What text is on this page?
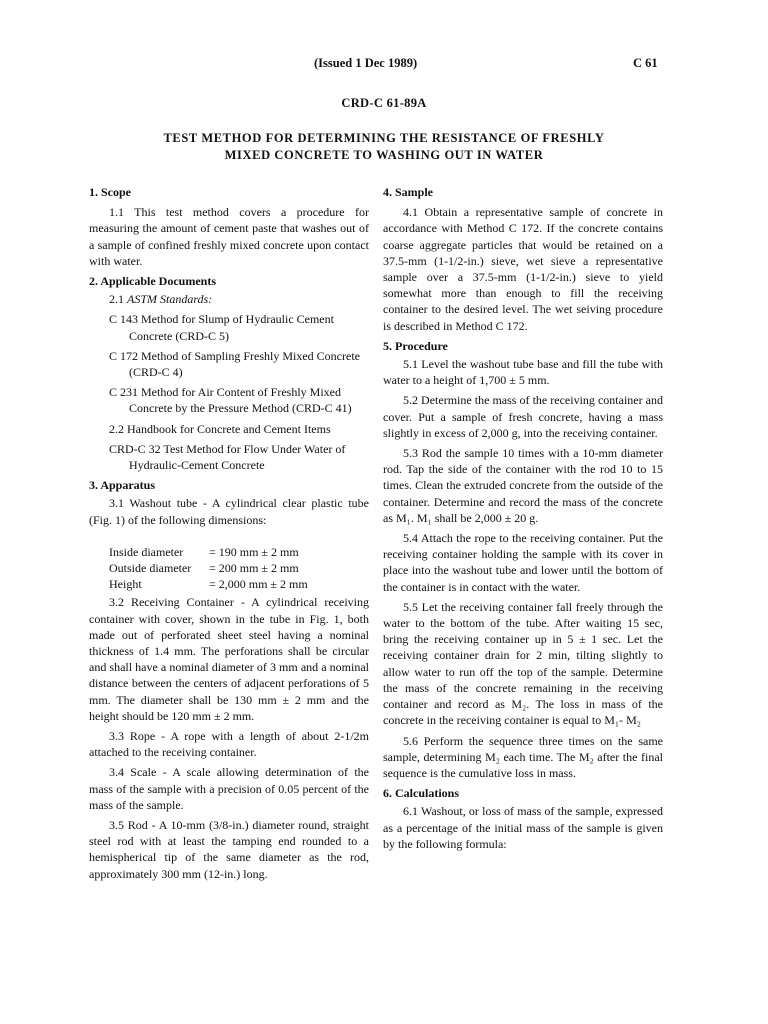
(Issued 1 Dec 1989)	C 61
CRD-C 61-89A
TEST METHOD FOR DETERMINING THE RESISTANCE OF FRESHLY
MIXED CONCRETE TO WASHING OUT IN WATER
1. Scope

1.1 This test method covers a procedure for measuring the amount of cement paste that washes out of a sample of confined freshly mixed concrete upon contact with water.

2. Applicable Documents
2.1 ASTM Standards:
C 143 Method for Slump of Hydraulic Cement Concrete (CRD-C 5)
C 172 Method of Sampling Freshly Mixed Concrete (CRD-C 4)
C 231 Method for Air Content of Freshly Mixed Concrete by the Pressure Method (CRD-C 41)
2.2 Handbook for Concrete and Cement Items
CRD-C 32 Test Method for Flow Under Water of Hydraulic-Cement Concrete
3. Apparatus

3.1 Washout tube - A cylindrical clear plastic tube (Fig. 1) of the following dimensions:

Inside diameter	= 190 mm ± 2 mm
Outside diameter	= 200 mm ± 2 mm
Height	= 2,000 mm ± 2 mm

3.2 Receiving Container - A cylindrical receiving container with cover, shown in the tube in Fig. 1, both made out of perforated sheet steel having a nominal thickness of 1.4 mm. The perforations shall be circular and shall have a nominal diameter of 3 mm and a nominal distance between the centers of adjacent perforations of 5 mm. The diameter shall be 130 mm ± 2 mm and the height should be 120 mm ± 2 mm.

3.3 Rope - A rope with a length of about 2-1/2m attached to the receiving container.

3.4 Scale - A scale allowing determination of the mass of the sample with a precision of 0.05 percent of the mass of the sample.

3.5 Rod - A 10-mm (3/8-in.) diameter round, straight steel rod with at least the tamping end rounded to a hemispherical tip of the same diameter as the rod, approximately 300 mm (12-in.) long.

4. Sample

4.1 Obtain a representative sample of concrete in accordance with Method C 172. If the concrete contains coarse aggregate particles that would be retained on a 37.5-mm (1-1/2-in.) sieve, wet sieve a representative sample over a 37.5-mm (1-1/2-in.) sieve to yield somewhat more than enough to fill the receiving container to the desired level. The wet seiving procedure is described in Method C 172.

5. Procedure

5.1 Level the washout tube base and fill the tube with water to a height of 1,700 ± 5 mm.

5.2 Determine the mass of the receiving container and cover. Put a sample of fresh concrete, having a mass slightly in excess of 2,000 g, into the receiving container.

5.3 Rod the sample 10 times with a 10-mm diameter rod. Tap the side of the container with the rod 10 to 15 times. Clean the extruded concrete from the outside of the container. Determine and record the mass of the concrete as M₁. M₁ shall be 2,000 ± 20 g.

5.4 Attach the rope to the receiving container. Put the receiving container holding the sample with its cover in place into the washout tube and lower until the bottom of the container is in contact with the water.

5.5 Let the receiving container fall freely through the water to the bottom of the tube. After waiting 15 sec, bring the receiving container up in 5 ± 1 sec. Let the receiving container drain for 2 min, tilting slightly to allow water to run off the top of the sample. Determine the mass of the concrete remaining in the receiving container and record as M₂. The loss in mass of the concrete in the receiving container is equal to M₁- M₂

5.6 Perform the sequence three times on the same sample, determining M₂ each time. The M₂ after the final sequence is the cumulative loss in mass.

6. Calculations

6.1 Washout, or loss of mass of the sample, expressed as a percentage of the initial mass of the sample is given by the following formula:
